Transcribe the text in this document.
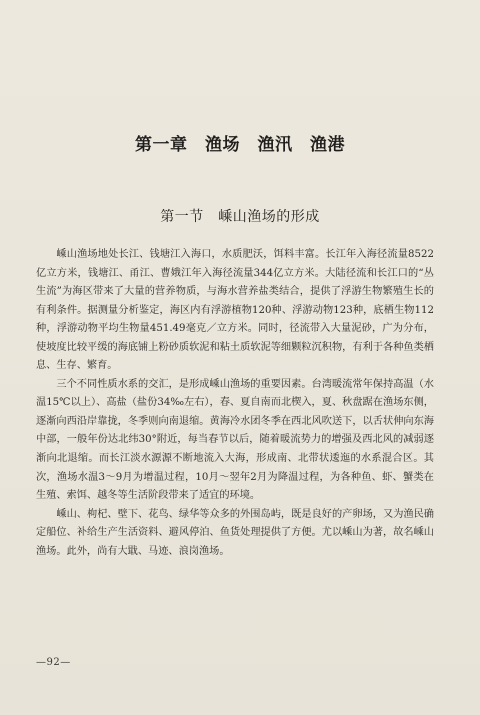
第一章　渔场　渔汛　渔港
第一节　嵊山渔场的形成

嵊山渔场地处长江、钱塘江入海口，水质肥沃，饵料丰富。长江年入海径流量8522亿立方米，钱塘江、甬江、曹娥江年入海径流量344亿立方米。大陆径流和长江口的“丛生流”为海区带来了大量的营养物质，与海水营养盐类结合，提供了浮游生物繁殖生长的有利条件。据测量分析鉴定，海区内有浮游植物120种、浮游动物123种，底栖生物112种，浮游动物平均生物量451.49毫克／立方米。同时，径流带入大量泥砂，广为分布，使坡度比较平缓的海底铺上粉砂质软泥和粘土质软泥等细颗粒沉积物，有利于各种鱼类栖息、生存、繁育。

三个不同性质水系的交汇，是形成嵊山渔场的重要因素。台湾暖流常年保持高温（水温15℃以上）、高盐（盐份34‰左右），春、夏自南而北楔入，夏、秋盘踞在渔场东侧，逐渐向西沿岸靠拢，冬季则向南退缩。黄海冷水团冬季在西北风吹送下，以舌状伸向东海中部，一般年份达北纬30°附近，每当春节以后，随着暖流势力的增强及西北风的减弱逐渐向北退缩。而长江淡水源源不断地流入大海，形成南、北带状逶迤的水系混合区。其次，渔场水温3～9月为增温过程，10月～翌年2月为降温过程，为各种鱼、虾、蟹类在生殖、索饵、越冬等生活阶段带来了适宜的环境。

嵊山、枸杞、壁下、花鸟、绿华等众多的外围岛屿，既是良好的产卵场，又为渔民确定船位、补给生产生活资料、避风停泊、鱼货处理提供了方便。尤以嵊山为著，故名嵊山渔场。此外，尚有大戢、马迹、浪岗渔场。

—92—
